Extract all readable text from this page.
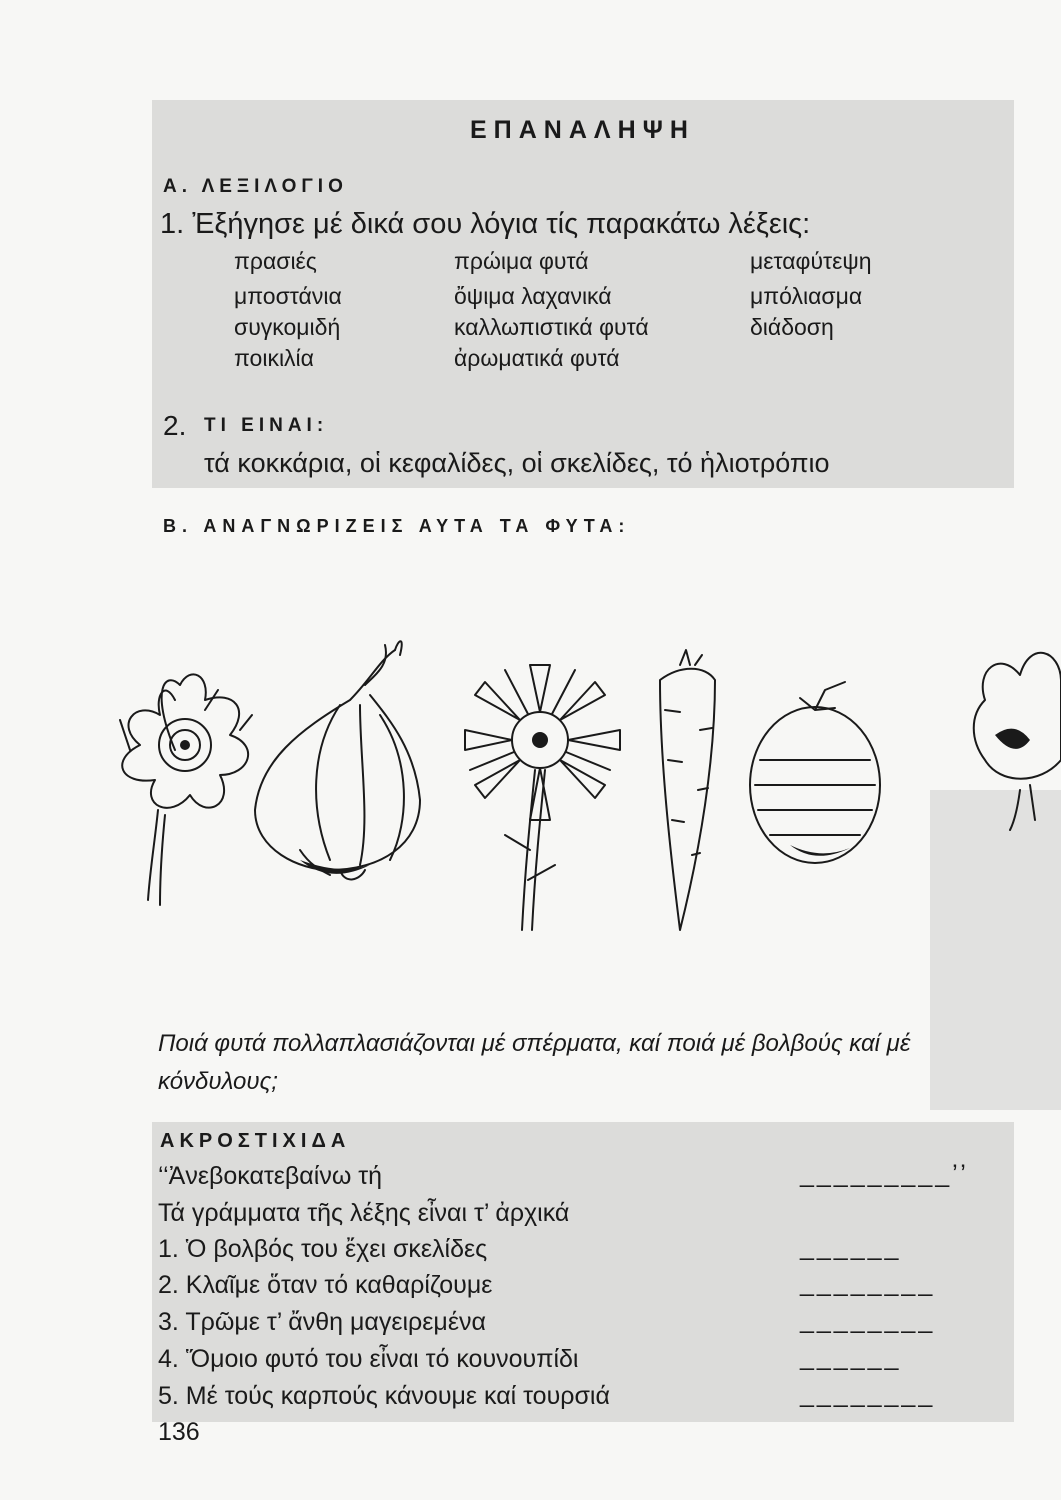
ΕΠΑΝΑΛΗΨΗ
Α. ΛΕΞΙΛΟΓΙΟ
1. Ἐξήγησε μέ δικά σου λόγια τίς παρακάτω λέξεις:
πρασιές	πρώιμα φυτά	μεταφύτεψη
μποστάνια	ὄψιμα λαχανικά	μπόλιασμα
συγκομιδή	καλλωπιστικά φυτά	διάδοση
ποικιλία	ἀρωματικά φυτά
2. ΤΙ ΕΙΝΑΙ:
τά κοκκάρια, οἱ κεφαλίδες, οἱ σκελίδες, τό ἡλιοτρόπιο
Β. ΑΝΑΓΝΩΡΙΖΕΙΣ ΑΥΤΑ ΤΑ ΦΥΤΑ:
Ποιά φυτά πολλαπλασιάζονται μέ σπέρματα, καί ποιά μέ βολβούς καί μέ κόνδυλους;
ΑΚΡΟΣΤΙΧΙΔΑ
‘‘Ἀνεβοκατεβαίνω τή	_________’’
Τά γράμματα τῆς λέξης εἶναι τ’ ἀρχικά
1. Ὁ βολβός του ἔχει σκελίδες	______
2. Κλαῖμε ὅταν τό καθαρίζουμε	________
3. Τρῶμε τ’ ἄνθη μαγειρεμένα	________
4. Ὅμοιο φυτό του εἶναι τό κουνουπίδι	______
5. Μέ τούς καρπούς κάνουμε καί τουρσιά	________
136
